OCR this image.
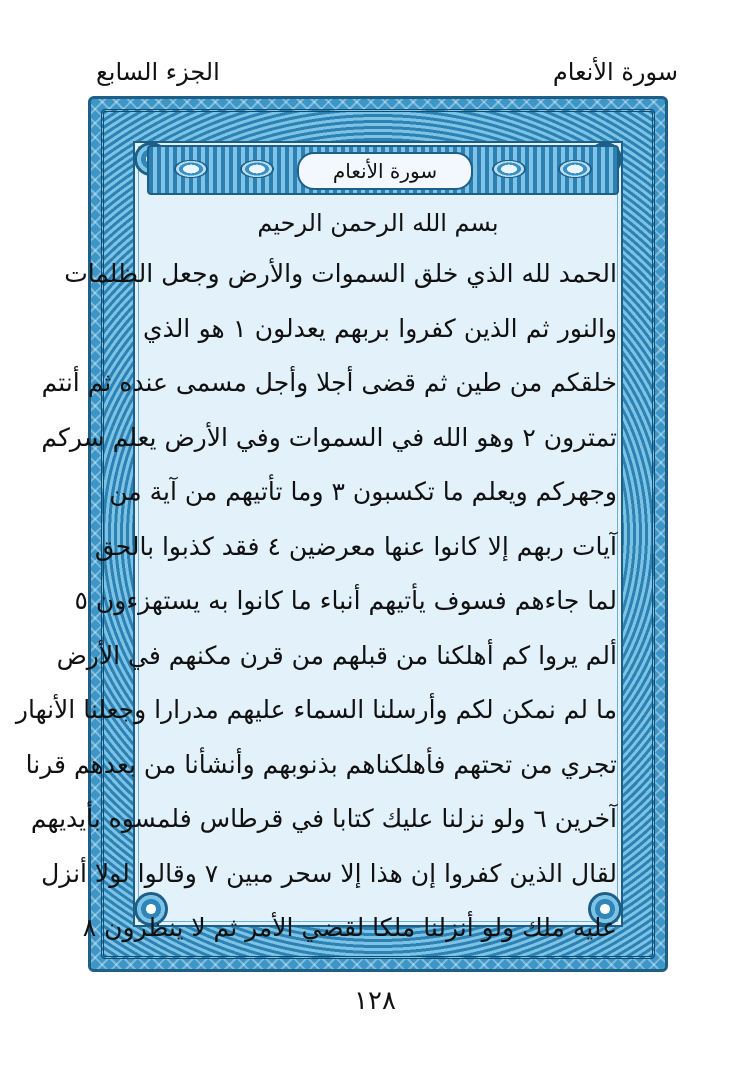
الجزء السابع	سورة الأنعام
سورة الأنعام
بسم الله الرحمن الرحيم
الحمد لله الذي خلق السموات والأرض وجعل الظلمات
والنور ثم الذين كفروا بربهم يعدلون ١ هو الذي
خلقكم من طين ثم قضى أجلا وأجل مسمى عنده ثم أنتم
تمترون ٢ وهو الله في السموات وفي الأرض يعلم سركم
وجهركم ويعلم ما تكسبون ٣ وما تأتيهم من آية من
آيات ربهم إلا كانوا عنها معرضين ٤ فقد كذبوا بالحق
لما جاءهم فسوف يأتيهم أنباء ما كانوا به يستهزءون ٥
ألم يروا كم أهلكنا من قبلهم من قرن مكنهم في الأرض
ما لم نمكن لكم وأرسلنا السماء عليهم مدرارا وجعلنا الأنهار
تجري من تحتهم فأهلكناهم بذنوبهم وأنشأنا من بعدهم قرنا
آخرين ٦ ولو نزلنا عليك كتابا في قرطاس فلمسوه بأيديهم
لقال الذين كفروا إن هذا إلا سحر مبين ٧ وقالوا لولا أنزل
عليه ملك ولو أنزلنا ملكا لقضي الأمر ثم لا ينظرون ٨
١٢٨
